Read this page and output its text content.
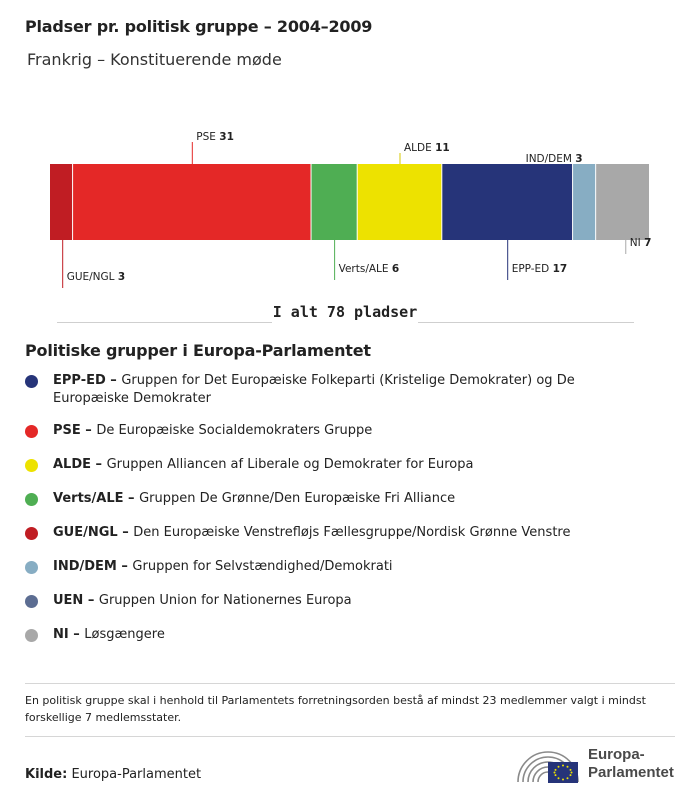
Pladser pr. politisk gruppe – 2004–2009
Frankrig – Konstituerende møde
GUE/NGL 3
PSE 31
Verts/ALE 6
ALDE 11
EPP-ED 17
IND/DEM 3
NI 7
I alt 78 pladser
Politiske grupper i Europa-Parlamentet
EPP-ED – Gruppen for Det Europæiske Folkeparti (Kristelige Demokrater) og De Europæiske Demokrater
PSE – De Europæiske Socialdemokraters Gruppe
ALDE – Gruppen Alliancen af Liberale og Demokrater for Europa
Verts/ALE – Gruppen De Grønne/Den Europæiske Fri Alliance
GUE/NGL – Den Europæiske Venstrefløjs Fællesgruppe/Nordisk Grønne Venstre
IND/DEM – Gruppen for Selvstændighed/Demokrati
UEN – Gruppen Union for Nationernes Europa
NI – Løsgængere
En politisk gruppe skal i henhold til Parlamentets forretningsorden bestå af mindst 23 medlemmer valgt i mindst forskellige 7 medlemsstater.
Kilde: Europa-Parlamentet
Europa-
Parlamentet
